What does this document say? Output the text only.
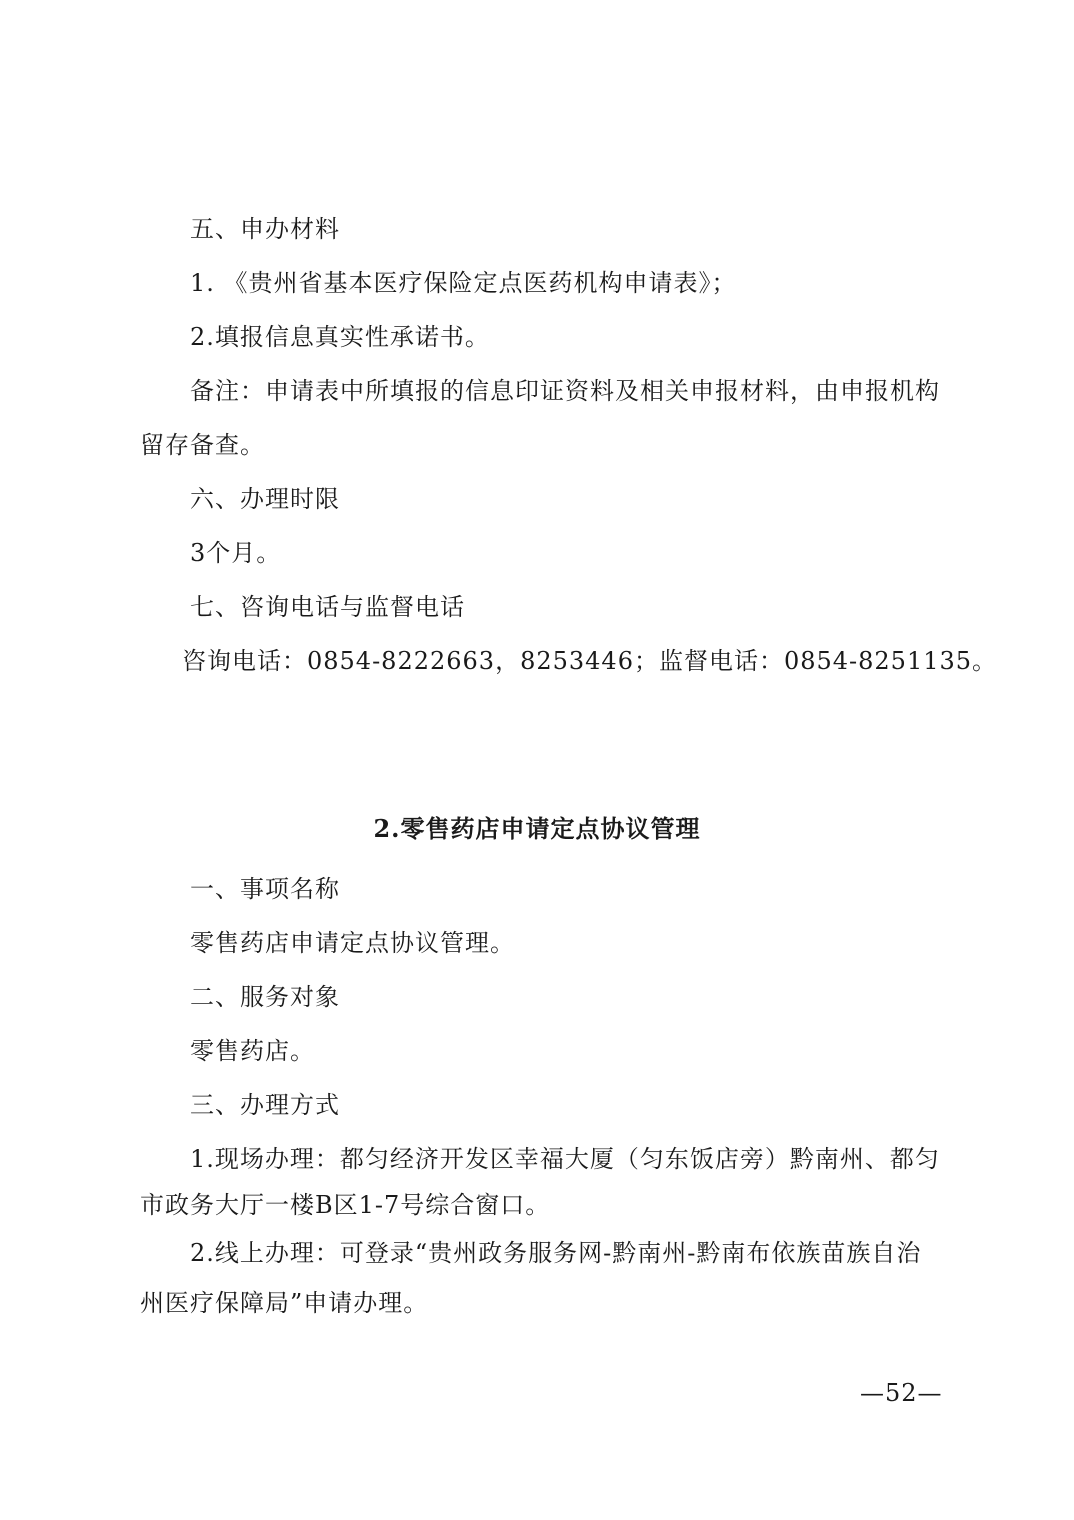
五、申办材料
1. 《贵州省基本医疗保险定点医药机构申请表》；
2.填报信息真实性承诺书。
备注：申请表中所填报的信息印证资料及相关申报材料，由申报机构
留存备查。
六、办理时限
3个月。
七、咨询电话与监督电话
咨询电话：0854-8222663，8253446；监督电话：0854-8251135。
2.零售药店申请定点协议管理
一、事项名称
零售药店申请定点协议管理。
二、服务对象
零售药店。
三、办理方式
1.现场办理：都匀经济开发区幸福大厦（匀东饭店旁）黔南州、都匀
市政务大厅一楼B区1-7号综合窗口。
2.线上办理：可登录“贵州政务服务网-黔南州-黔南布依族苗族自治
州医疗保障局”申请办理。
—52—
